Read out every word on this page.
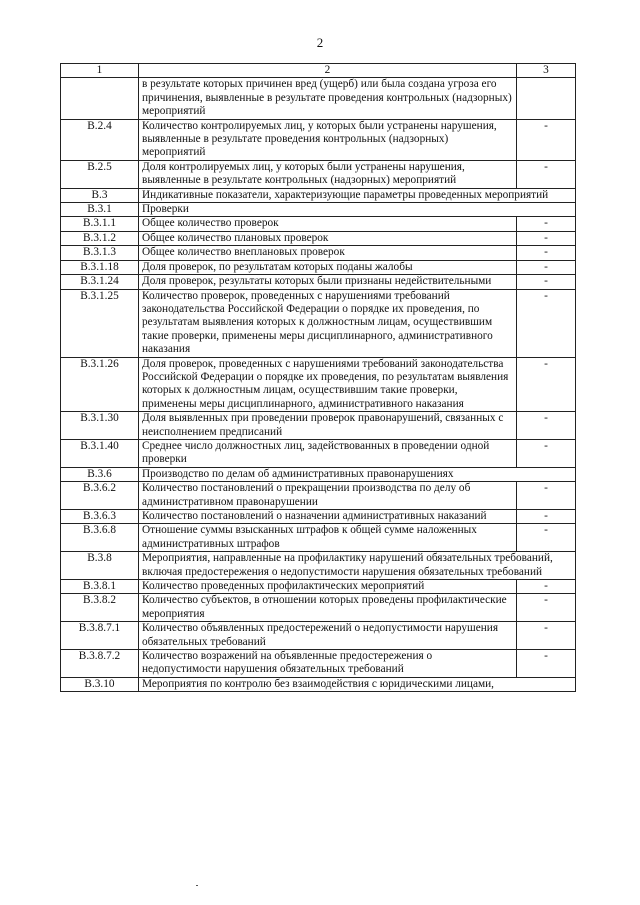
2
1	2	3
	в результате которых причинен вред (ущерб) или была создана угроза его причинения, выявленные в результате проведения контрольных (надзорных) мероприятий	
В.2.4	Количество контролируемых лиц, у которых были устранены нарушения, выявленные в результате проведения контрольных (надзорных) мероприятий	-
В.2.5	Доля контролируемых лиц, у которых были устранены нарушения, выявленные в результате контрольных (надзорных) мероприятий	-
В.3	Индикативные показатели, характеризующие параметры проведенных мероприятий	
В.3.1	Проверки	
В.3.1.1	Общее количество проверок	-
В.3.1.2	Общее количество плановых проверок	-
В.3.1.3	Общее количество внеплановых проверок	-
В.3.1.18	Доля проверок, по результатам которых поданы жалобы	-
В.3.1.24	Доля проверок, результаты которых были признаны недействительными	-
В.3.1.25	Количество проверок, проведенных с нарушениями требований законодательства Российской Федерации о порядке их проведения, по результатам выявления которых к должностным лицам, осуществившим такие проверки, применены меры дисциплинарного, административного наказания	-
В.3.1.26	Доля проверок, проведенных с нарушениями требований законодательства Российской Федерации о порядке их проведения, по результатам выявления которых к должностным лицам, осуществившим такие проверки, применены меры дисциплинарного, административного наказания	-
В.3.1.30	Доля выявленных при проведении проверок правонарушений, связанных с неисполнением предписаний	-
В.3.1.40	Среднее число должностных лиц, задействованных в проведении одной проверки	-
В.3.6	Производство по делам об административных правонарушениях	
В.3.6.2	Количество постановлений о прекращении производства по делу об административном правонарушении	-
В.3.6.3	Количество постановлений о назначении административных наказаний	-
В.3.6.8	Отношение суммы взысканных штрафов к общей сумме наложенных административных штрафов	-
В.3.8	Мероприятия, направленные на профилактику нарушений обязательных требований, включая предостережения о недопустимости нарушения обязательных требований	
В.3.8.1	Количество проведенных профилактических мероприятий	-
В.3.8.2	Количество субъектов, в отношении которых проведены профилактические мероприятия	-
В.3.8.7.1	Количество объявленных предостережений о недопустимости нарушения обязательных требований	-
В.3.8.7.2	Количество возражений на объявленные предостережения о недопустимости нарушения обязательных требований	-
В.3.10	Мероприятия по контролю без взаимодействия с юридическими лицами,	
